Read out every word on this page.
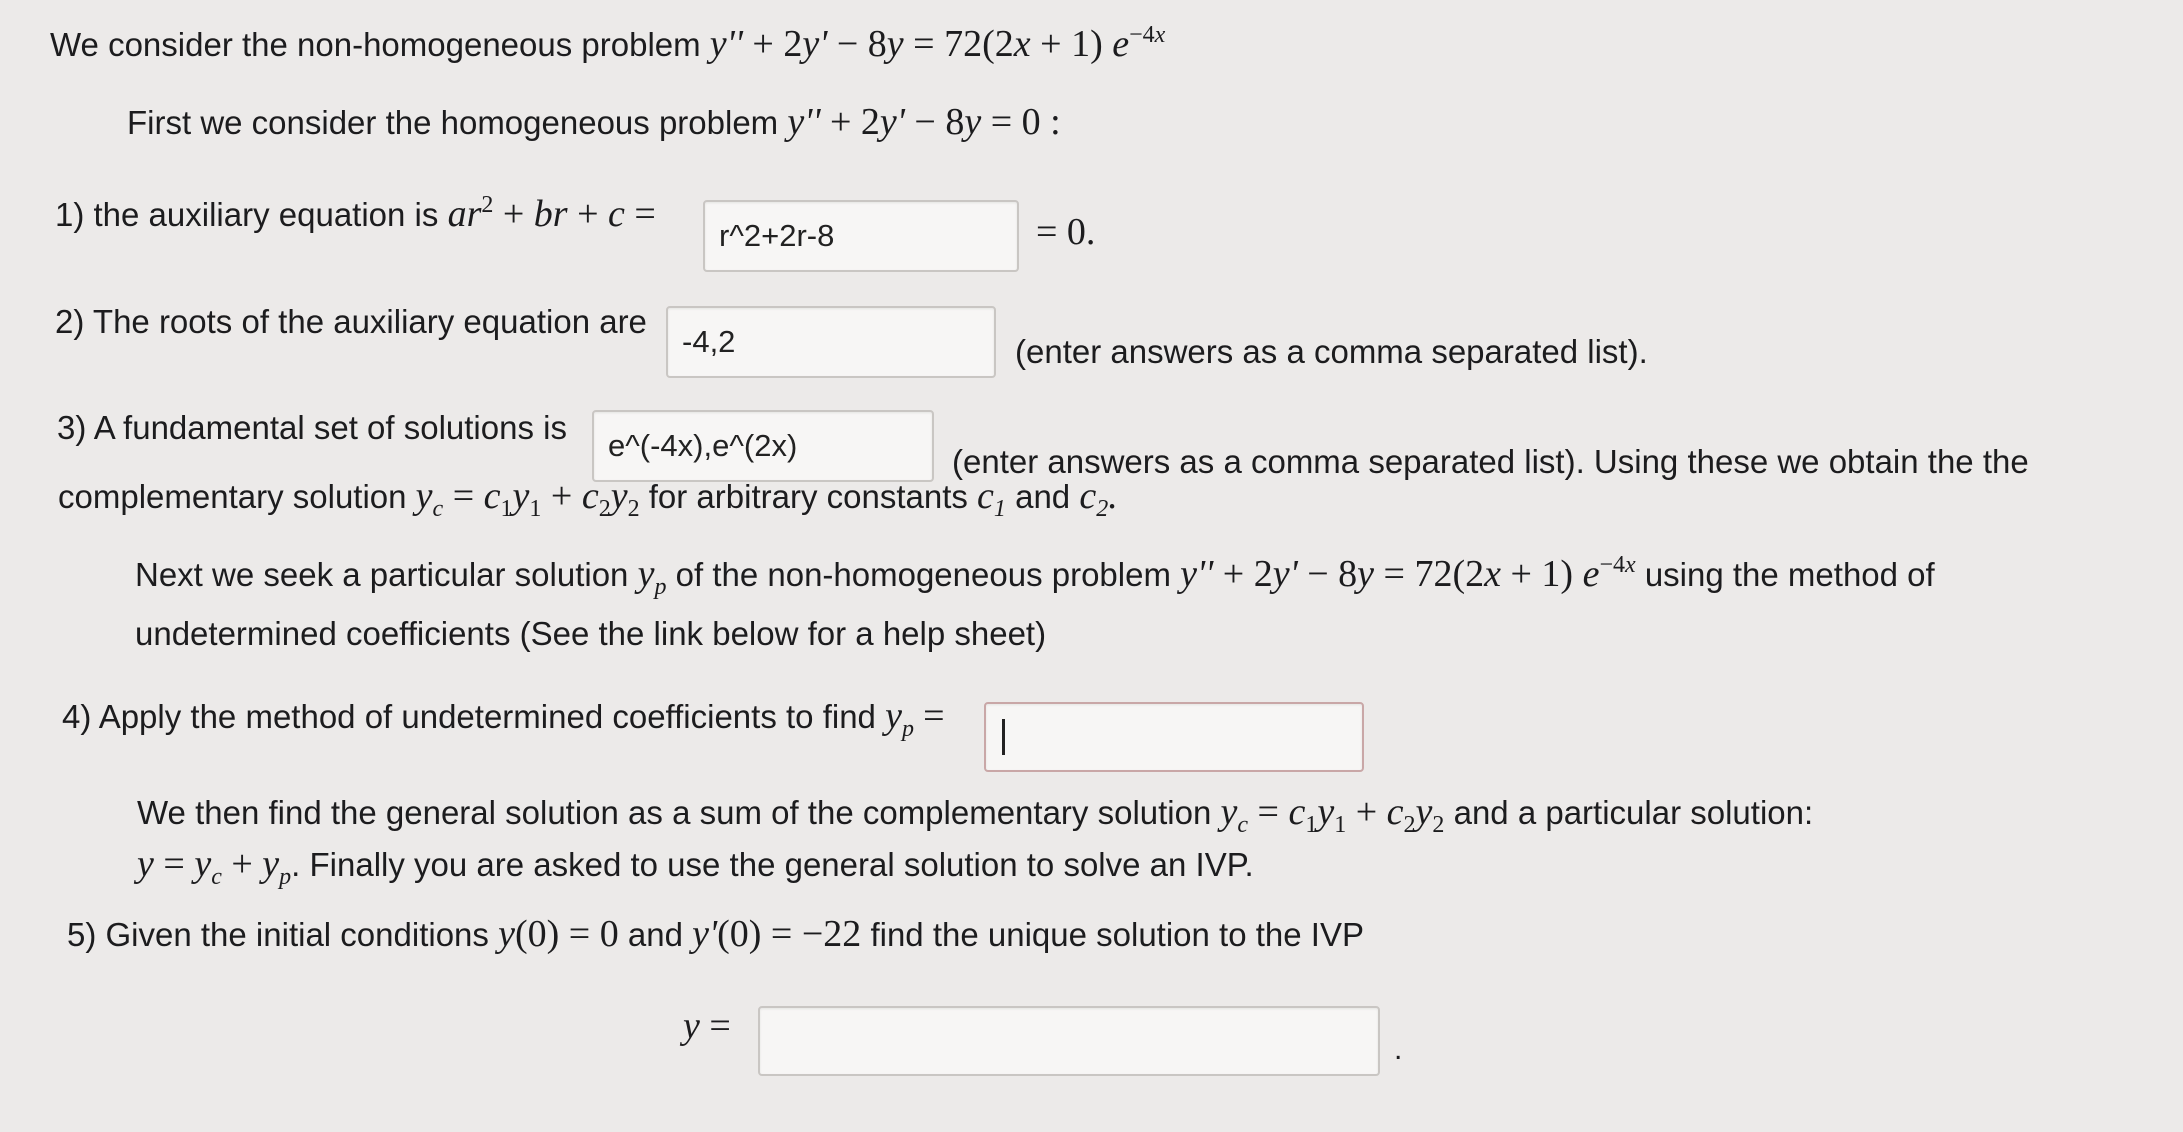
We consider the non-homogeneous problem y'' + 2y' − 8y = 72(2x + 1) $e^{-4x}$
First we consider the homogeneous problem y'' + 2y' − 8y = 0 :
1) the auxiliary equation is $ar^2$ + br + c =
r^2+2r-8	= 0.
2) The roots of the auxiliary equation are
-4,2	(enter answers as a comma separated list).
3) A fundamental set of solutions is e^(-4x),e^(2x)	(enter answers as a comma separated list). Using these we obtain the the
complementary solution $y_c = c_1y_1 + c_2y_2$ for arbitrary constants $c_1$ and $c_2$.
Next we seek a particular solution $y_p$ of the non-homogeneous problem y'' + 2y' − 8y = 72(2x + 1) $e^{-4x}$ using the method of
undetermined coefficients (See the link below for a help sheet)
4) Apply the method of undetermined coefficients to find $y_p$ =
We then find the general solution as a sum of the complementary solution $y_c = c_1y_1 + c_2y_2$ and a particular solution:
$y = y_c + y_p$. Finally you are asked to use the general solution to solve an IVP.
5) Given the initial conditions y(0) = 0 and y'(0) = −22 find the unique solution to the IVP
y =
.
